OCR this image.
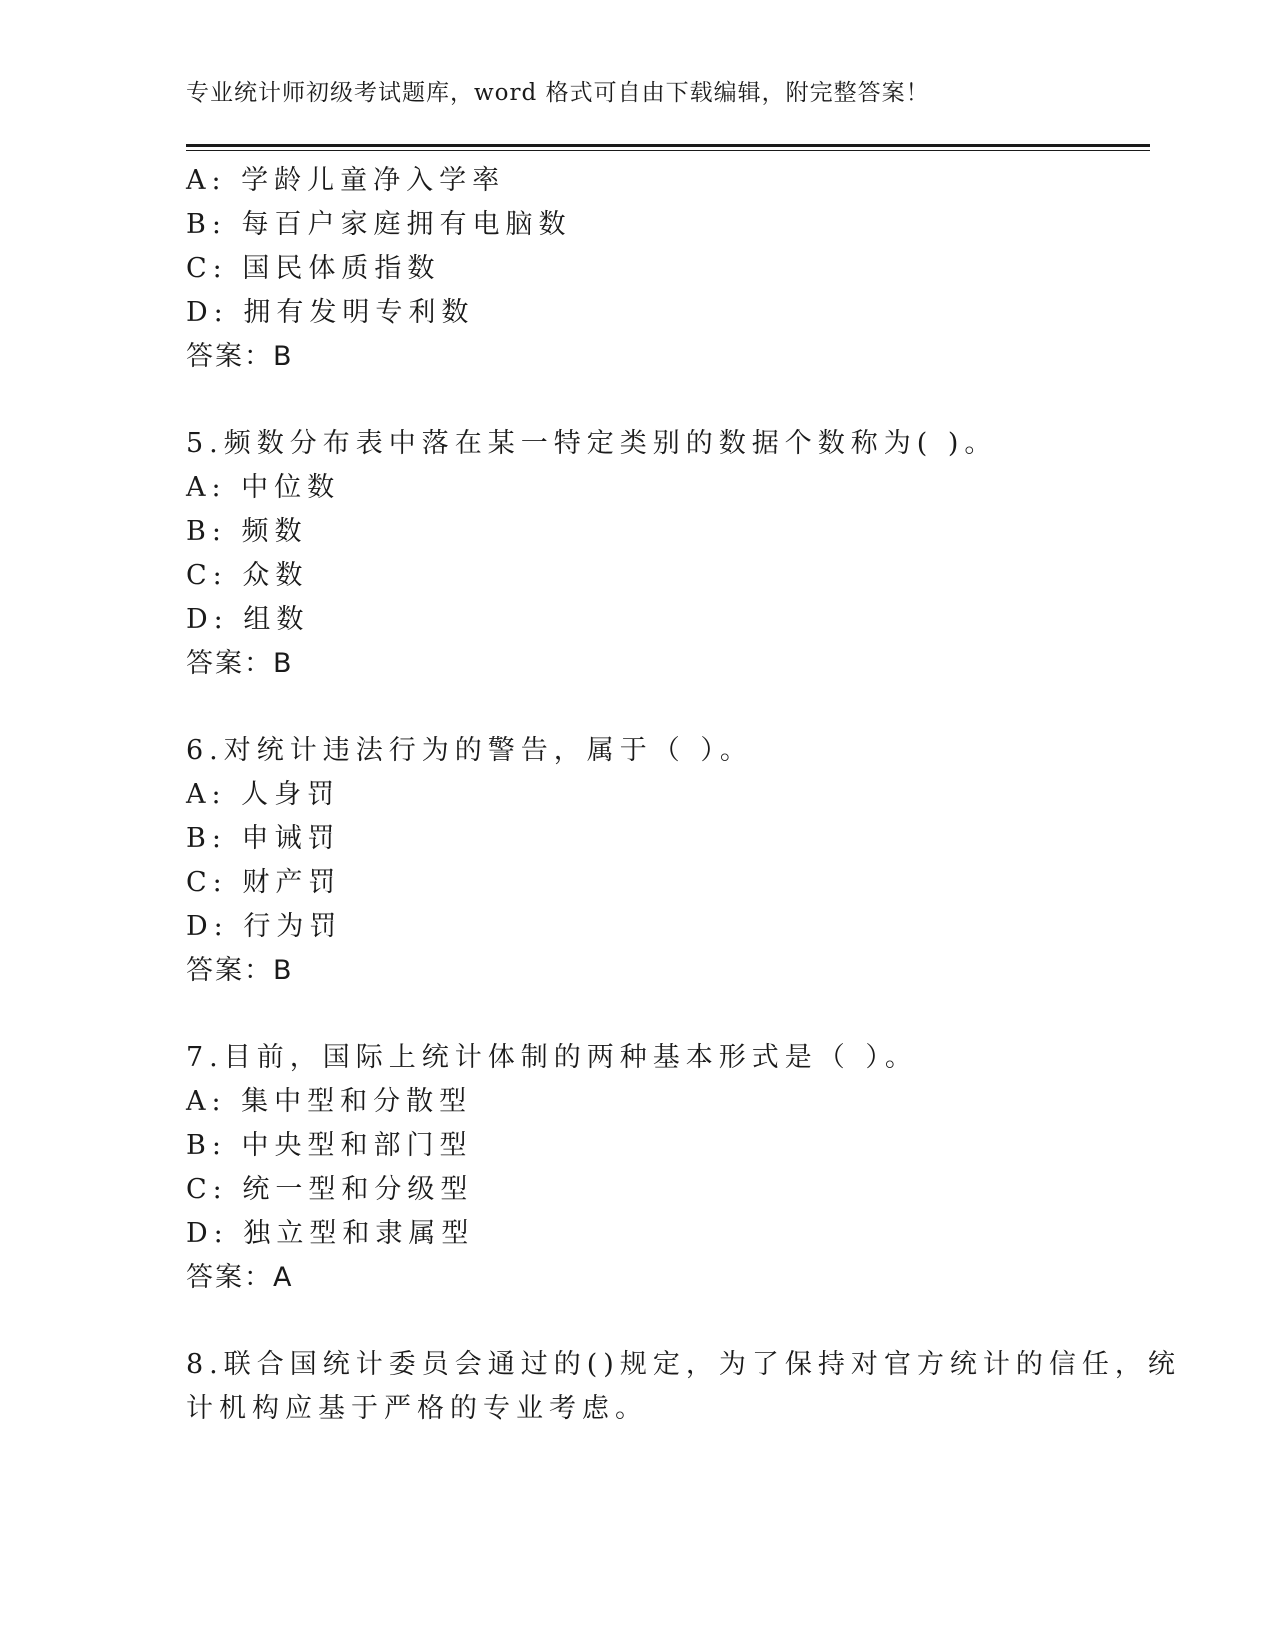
专业统计师初级考试题库，word 格式可自由下载编辑，附完整答案！
A: 学龄儿童净入学率
B: 每百户家庭拥有电脑数
C: 国民体质指数
D: 拥有发明专利数
答案：B
5.频数分布表中落在某一特定类别的数据个数称为( )。
A: 中位数
B: 频数
C: 众数
D: 组数
答案：B
6.对统计违法行为的警告，属于（ ）。
A: 人身罚
B: 申诫罚
C: 财产罚
D: 行为罚
答案：B
7.目前，国际上统计体制的两种基本形式是（ ）。
A: 集中型和分散型
B: 中央型和部门型
C: 统一型和分级型
D: 独立型和隶属型
答案：A
8.联合国统计委员会通过的()规定，为了保持对官方统计的信任，统
计机构应基于严格的专业考虑。
